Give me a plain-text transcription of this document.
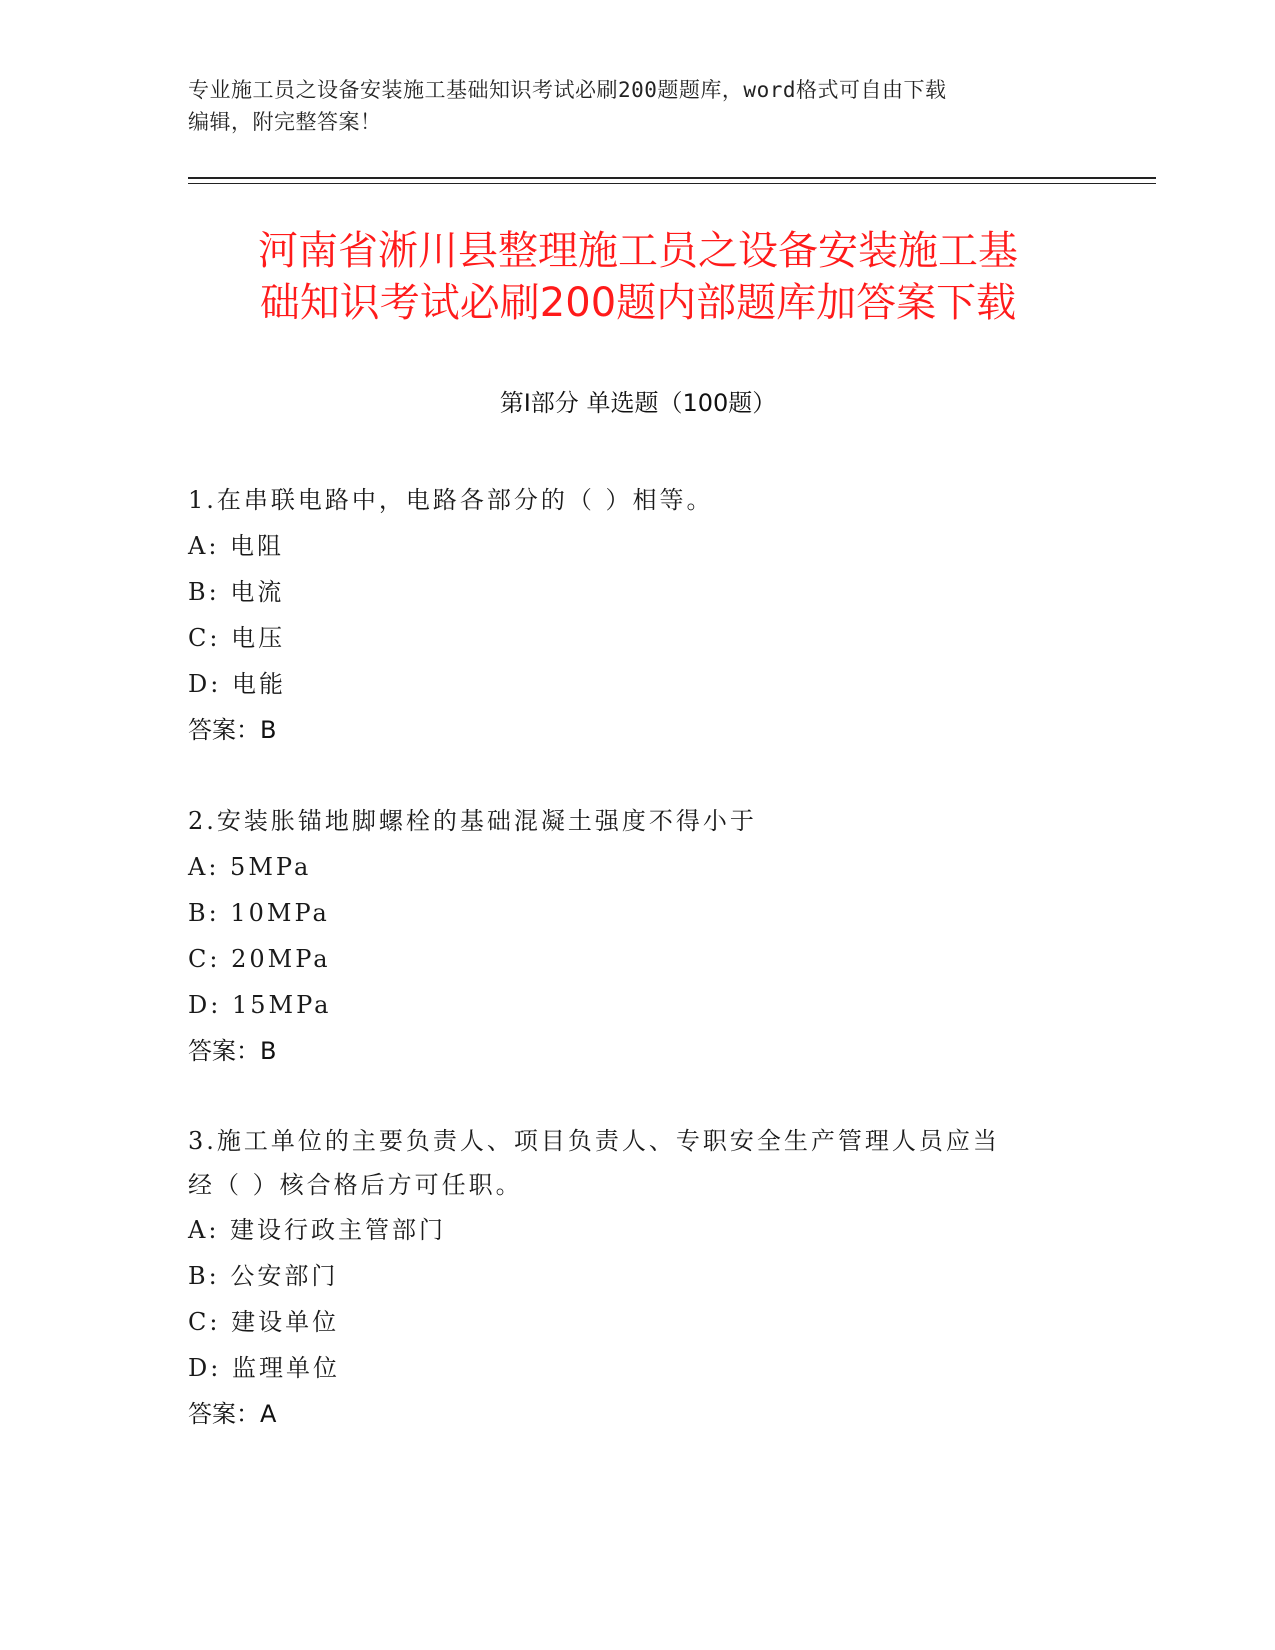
专业施工员之设备安装施工基础知识考试必刷200题题库，word格式可自由下载
编辑，附完整答案！
河南省淅川县整理施工员之设备安装施工基
础知识考试必刷200题内部题库加答案下载
第Ⅰ部分 单选题（100题）
1.在串联电路中，电路各部分的（ ）相等。
A: 电阻
B: 电流
C: 电压
D: 电能
答案：B
2.安装胀锚地脚螺栓的基础混凝土强度不得小于
A: 5MPa
B: 10MPa
C: 20MPa
D: 15MPa
答案：B
3.施工单位的主要负责人、项目负责人、专职安全生产管理人员应当
经（ ）核合格后方可任职。
A: 建设行政主管部门
B: 公安部门
C: 建设单位
D: 监理单位
答案：A
